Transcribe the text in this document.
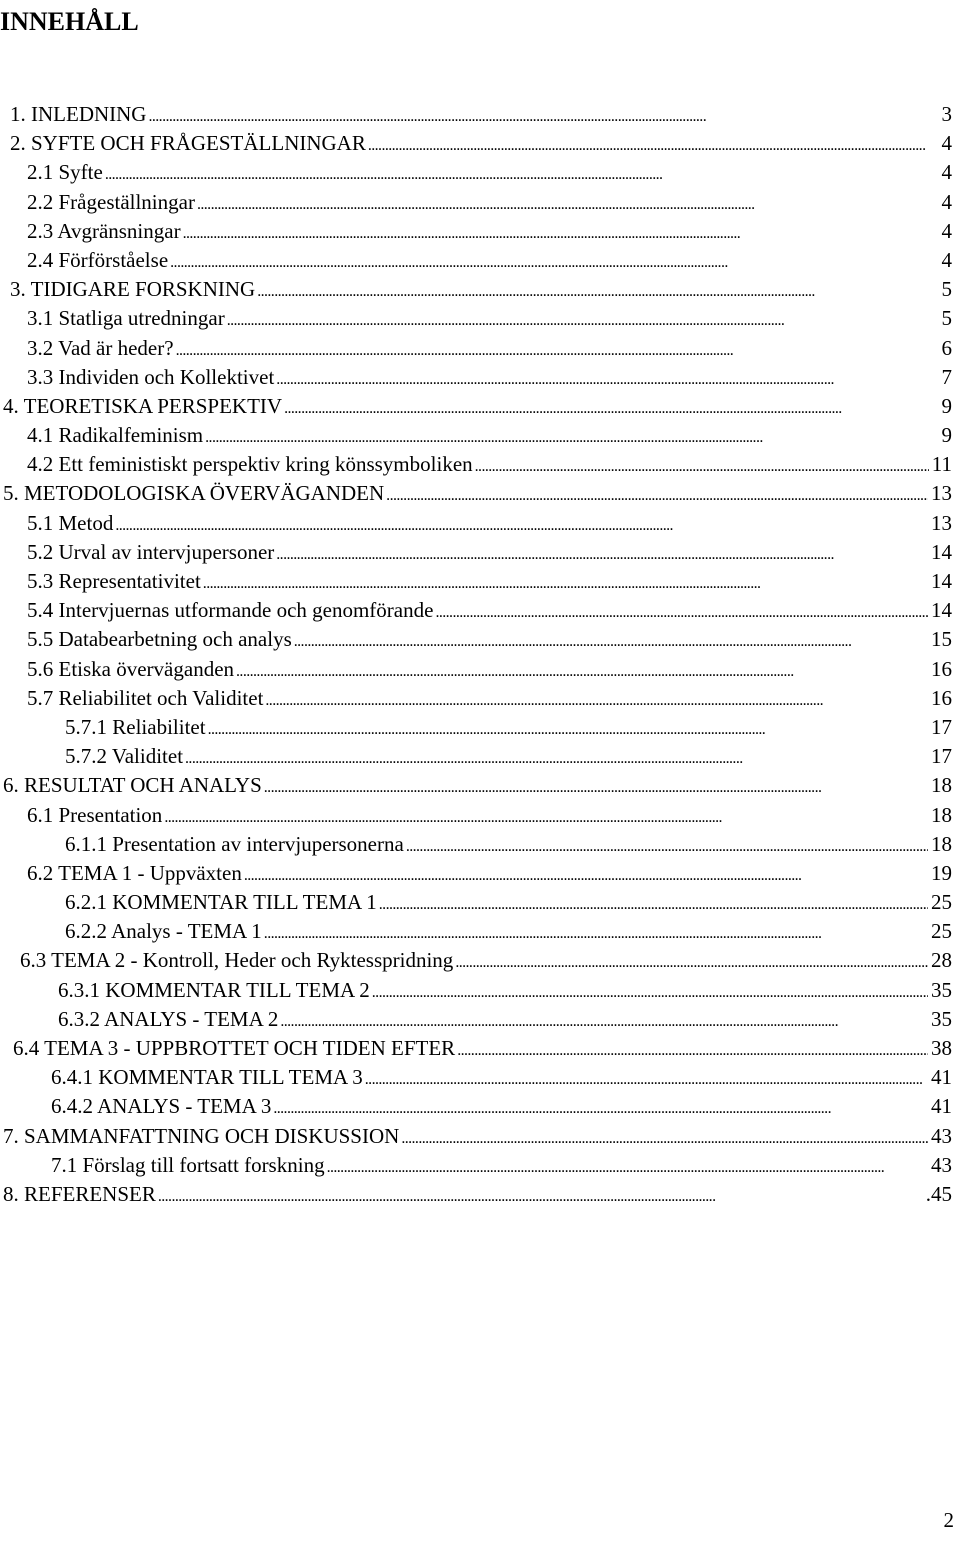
INNEHÅLL
1. INLEDNING . . .	3
2. SYFTE OCH FRÅGESTÄLLNINGAR . . .	4
2.1 Syfte . . .	4
2.2 Frågeställningar . . .	4
2.3 Avgränsningar . . .	4
2.4 Förförståelse . . .	4
3. TIDIGARE FORSKNING . . .	5
3.1 Statliga utredningar . . .	5
3.2 Vad är heder? . . .	6
3.3 Individen och Kollektivet . . .	7
4. TEORETISKA PERSPEKTIV . . .	9
4.1 Radikalfeminism . . .	9
4.2 Ett feministiskt perspektiv kring könssymboliken . . .	11
5. METODOLOGISKA ÖVERVÄGANDEN . . .	13
5.1 Metod . . .	13
5.2 Urval av intervjupersoner . . .	14
5.3 Representativitet . . .	14
5.4 Intervjuernas utformande och genomförande . . .	14
5.5 Databearbetning och analys . . .	15
5.6 Etiska överväganden . . .	16
5.7 Reliabilitet och Validitet . . .	16
5.7.1 Reliabilitet . . .	17
5.7.2 Validitet . . .	17
6. RESULTAT OCH ANALYS . . .	18
6.1 Presentation . . .	18
6.1.1 Presentation av intervjupersonerna . . .	18
6.2 TEMA 1 - Uppväxten . . .	19
6.2.1 KOMMENTAR TILL TEMA 1 . . .	25
6.2.2 Analys - TEMA 1 . . .	25
6.3 TEMA 2 - Kontroll, Heder och Ryktesspridning . . .	28
6.3.1 KOMMENTAR TILL TEMA 2 . . .	35
6.3.2 ANALYS - TEMA 2 . . .	35
6.4 TEMA 3 - UPPBROTTET OCH TIDEN EFTER . . .	38
6.4.1 KOMMENTAR TILL TEMA 3 . . .	41
6.4.2 ANALYS - TEMA 3 . . .	41
7. SAMMANFATTNING OCH DISKUSSION . . .	43
7.1 Förslag till fortsatt forskning . . .	43
8. REFERENSER . . .	.45
2
